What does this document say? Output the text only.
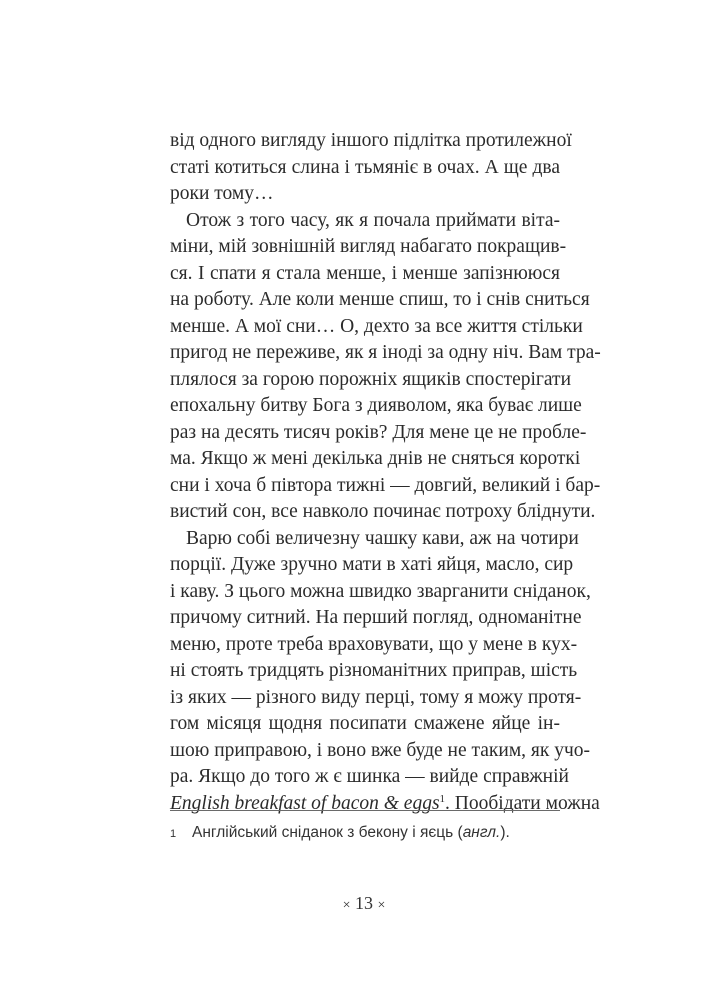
від одного вигляду іншого підлітка протилежної
статі котиться слина і тьмяніє в очах. А ще два
роки тому…
Отож з того часу, як я почала приймати віта-
міни, мій зовнішній вигляд набагато покращив-
ся. І спати я стала менше, і менше запізнююся
на роботу. Але коли менше спиш, то і снів сниться
менше. А мої сни… О, дехто за все життя стільки
пригод не переживе, як я іноді за одну ніч. Вам тра-
плялося за горою порожніх ящиків спостерігати
епохальну битву Бога з дияволом, яка буває лише
раз на десять тисяч років? Для мене це не пробле-
ма. Якщо ж мені декілька днів не сняться короткі
сни і хоча б півтора тижні — довгий, великий і бар-
вистий сон, все навколо починає потроху блiднути.
Варю собі величезну чашку кави, аж на чотири
порції. Дуже зручно мати в хаті яйця, масло, сир
і каву. З цього можна швидко зварганити сніданок,
причому ситний. На перший погляд, одноманітне
меню, проте треба враховувати, що у мене в кух-
ні стоять тридцять різноманітних приправ, шість
із яких — різного виду перці, тому я можу протя-
гом місяця щодня посипати смажене яйце ін-
шою приправою, і воно вже буде не таким, як учо-
ра. Якщо до того ж є шинка — вийде справжній
English breakfast of bacon & eggs$^1$. Пообідати можна
1 Англійський сніданок з бекону і яєць (англ.).
× 13 ×
